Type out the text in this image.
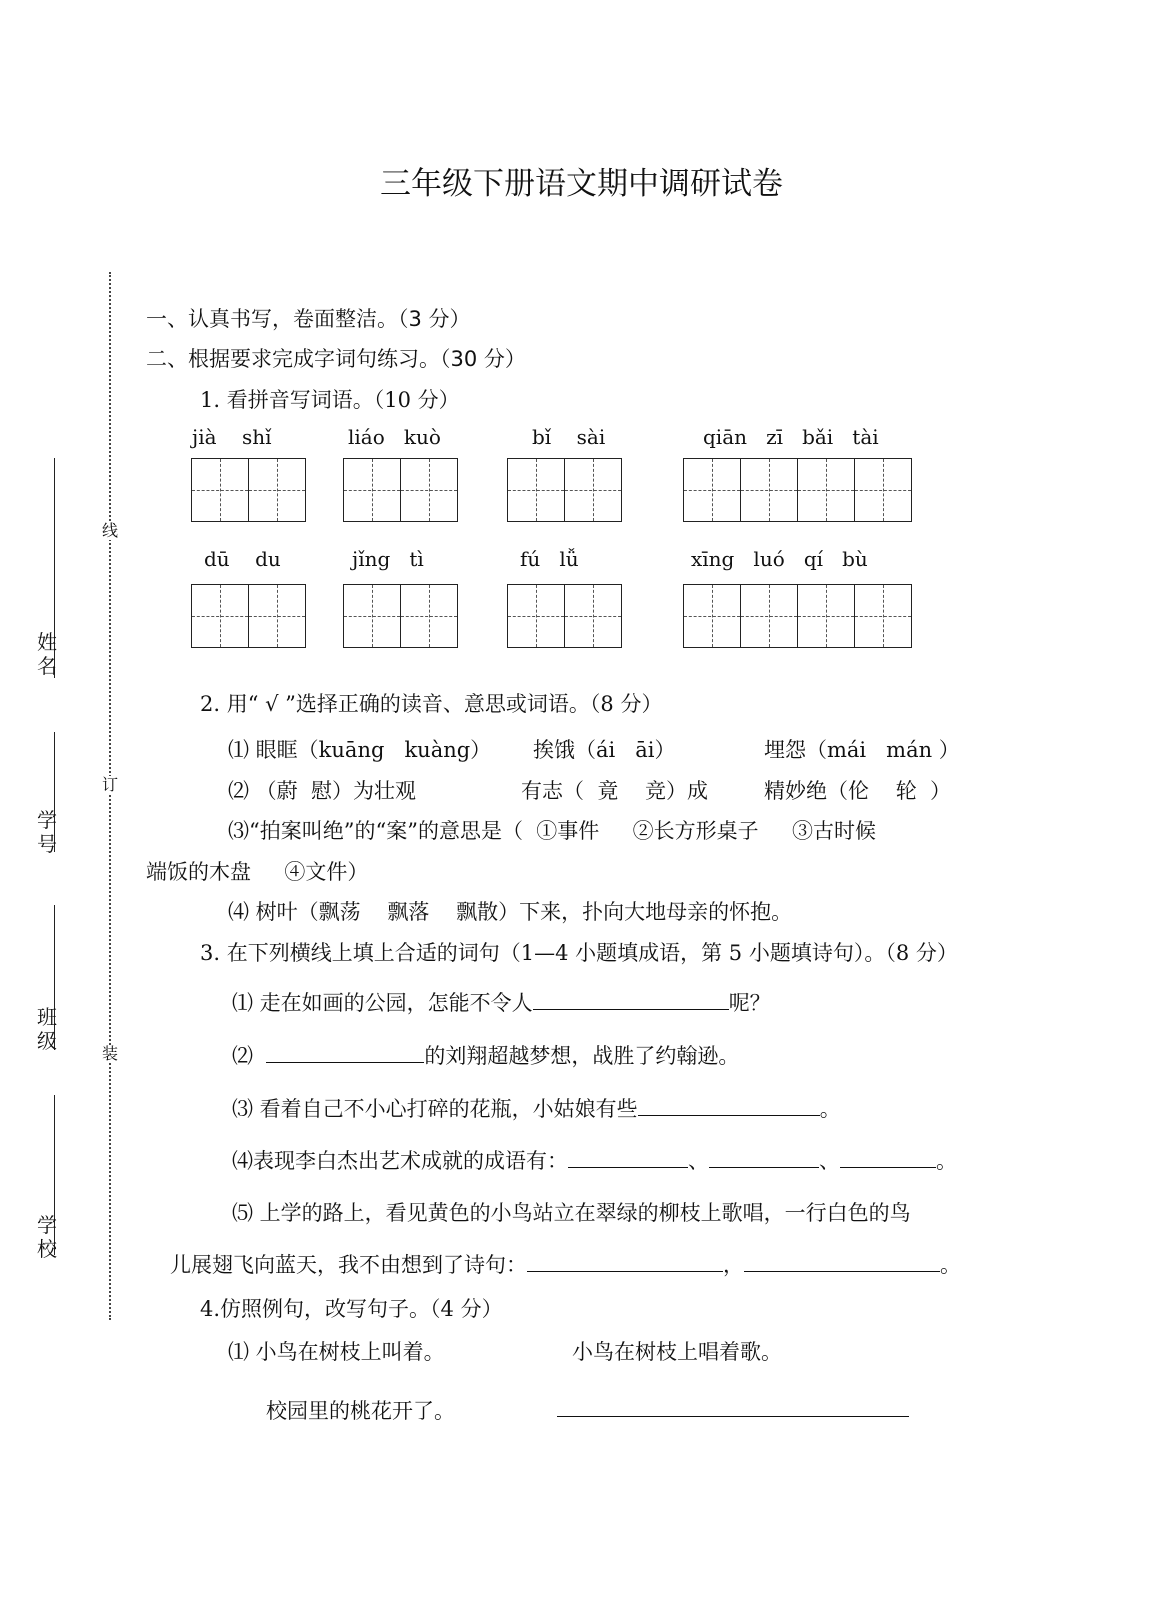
三年级下册语文期中调研试卷
线
订
装
姓名
学号
班级
学校
一、认真书写，卷面整洁。（3 分）
二、根据要求完成字词句练习。（30 分）
1. 看拼音写词语。（10 分）
jià    shǐ	liáo   kuò	bǐ    sài	qiān   zī   bǎi   tài
dū    du	jǐng   tì	fú   lǚ	xīng   luó   qí   bù
2. 用“ √ ”选择正确的读音、意思或词语。（8 分）
⑴ 眼眶（kuāng   kuàng） 挨饿（ái   āi）	埋怨（mái   mán ）
⑵ （蔚  慰）为壮观	有志（  竟    竞）成	精妙绝（伦    轮  ）
⑶“拍案叫绝”的“案”的意思是（  ①事件     ②长方形桌子     ③古时候
端饭的木盘     ④文件）
⑷ 树叶（飘荡    飘落    飘散）下来，扑向大地母亲的怀抱。
3. 在下列横线上填上合适的词句（1—4 小题填成语，第 5 小题填诗句）。（8 分）
⑴ 走在如画的公园，怎能不令人	呢？
⑵	的刘翔超越梦想，战胜了约翰逊。
⑶ 看着自己不小心打碎的花瓶，小姑娘有些	。
⑷表现李白杰出艺术成就的成语有：	、	、	。
⑸ 上学的路上，看见黄色的小鸟站立在翠绿的柳枝上歌唱，一行白色的鸟
儿展翅飞向蓝天，我不由想到了诗句：	，	。
4.仿照例句，改写句子。（4 分）
⑴ 小鸟在树枝上叫着。	小鸟在树枝上唱着歌。
校园里的桃花开了。
